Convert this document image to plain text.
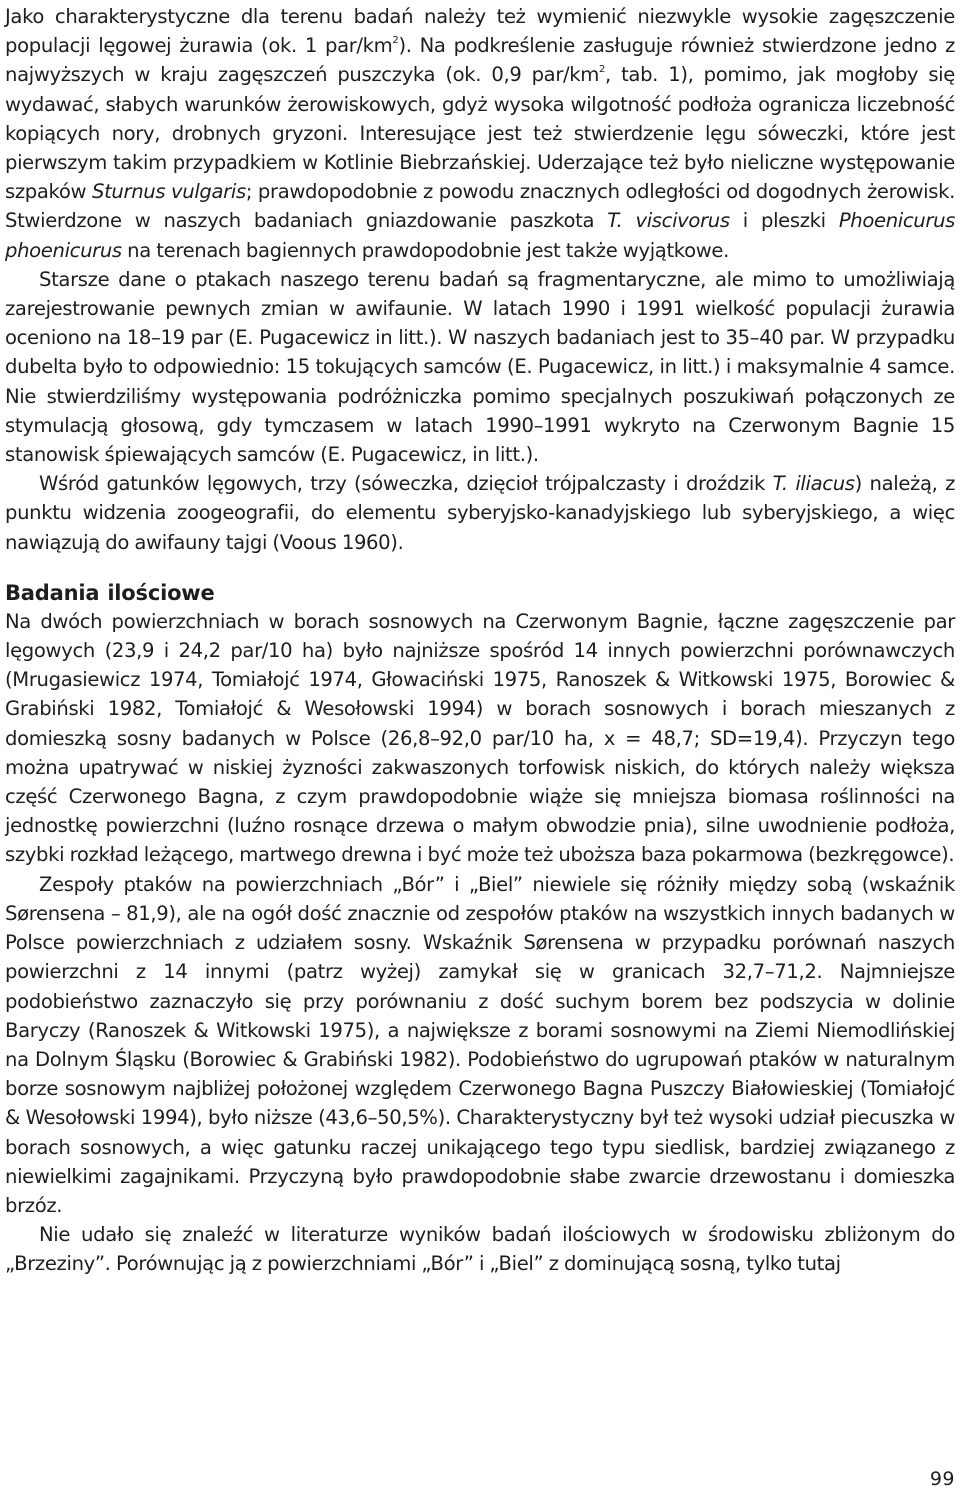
Jako charakterystyczne dla terenu badań należy też wymienić niezwykle wysokie zagęszczenie populacji lęgowej żurawia (ok. 1 par/$km^2$). Na podkreślenie zasługuje również stwierdzone jedno z najwyższych w kraju zagęszczeń puszczyka (ok. 0,9 par/$km^2$, tab. 1), pomimo, jak mogłoby się wydawać, słabych warunków żerowiskowych, gdyż wysoka wilgotność podłoża ogranicza liczebność kopiących nory, drobnych gryzoni. Interesujące jest też stwierdzenie lęgu sóweczki, które jest pierwszym takim przypadkiem w Kotlinie Biebrzańskiej. Uderzające też było nieliczne występowanie szpaków Sturnus vulgaris; prawdopodobnie z powodu znacznych odległości od dogodnych żerowisk. Stwierdzone w naszych badaniach gniazdowanie paszkota T. viscivorus i pleszki Phoenicurus phoenicurus na terenach bagiennych prawdopodobnie jest także wyjątkowe.

Starsze dane o ptakach naszego terenu badań są fragmentaryczne, ale mimo to umożliwiają zarejestrowanie pewnych zmian w awifaunie. W latach 1990 i 1991 wielkość populacji żurawia oceniono na 18–19 par (E. Pugacewicz in litt.). W naszych badaniach jest to 35–40 par. W przypadku dubelta było to odpowiednio: 15 tokujących samców (E. Pugacewicz, in litt.) i maksymalnie 4 samce. Nie stwierdziliśmy występowania podróżniczka pomimo specjalnych poszukiwań połączonych ze stymulacją głosową, gdy tymczasem w latach 1990–1991 wykryto na Czerwonym Bagnie 15 stanowisk śpiewających samców (E. Pugacewicz, in litt.).

Wśród gatunków lęgowych, trzy (sóweczka, dzięcioł trójpalczasty i droździk T. iliacus) należą, z punktu widzenia zoogeografii, do elementu syberyjsko-kanadyjskiego lub syberyjskiego, a więc nawiązują do awifauny tajgi (Voous 1960).

Badania ilościowe

Na dwóch powierzchniach w borach sosnowych na Czerwonym Bagnie, łączne zagęszczenie par lęgowych (23,9 i 24,2 par/10 ha) było najniższe spośród 14 innych powierzchni porównawczych (Mrugasiewicz 1974, Tomiałojć 1974, Głowaciński 1975, Ranoszek & Witkowski 1975, Borowiec & Grabiński 1982, Tomiałojć & Wesołowski 1994) w borach sosnowych i borach mieszanych z domieszką sosny badanych w Polsce (26,8–92,0 par/10 ha, x = 48,7; SD=19,4). Przyczyn tego można upatrywać w niskiej żyzności zakwaszonych torfowisk niskich, do których należy większa część Czerwonego Bagna, z czym prawdopodobnie wiąże się mniejsza biomasa roślinności na jednostkę powierzchni (luźno rosnące drzewa o małym obwodzie pnia), silne uwodnienie podłoża, szybki rozkład leżącego, martwego drewna i być może też uboższa baza pokarmowa (bezkręgowce).

Zespoły ptaków na powierzchniach „Bór” i „Biel” niewiele się różniły między sobą (wskaźnik Sørensena – 81,9), ale na ogół dość znacznie od zespołów ptaków na wszystkich innych badanych w Polsce powierzchniach z udziałem sosny. Wskaźnik Sørensena w przypadku porównań naszych powierzchni z 14 innymi (patrz wyżej) zamykał się w granicach 32,7–71,2. Najmniejsze podobieństwo zaznaczyło się przy porównaniu z dość suchym borem bez podszycia w dolinie Baryczy (Ranoszek & Witkowski 1975), a największe z borami sosnowymi na Ziemi Niemodlińskiej na Dolnym Śląsku (Borowiec & Grabiński 1982). Podobieństwo do ugrupowań ptaków w naturalnym borze sosnowym najbliżej położonej względem Czerwonego Bagna Puszczy Białowieskiej (Tomiałojć & Wesołowski 1994), było niższe (43,6–50,5%). Charakterystyczny był też wysoki udział piecuszka w borach sosnowych, a więc gatunku raczej unikającego tego typu siedlisk, bardziej związanego z niewielkimi zagajnikami. Przyczyną było prawdopodobnie słabe zwarcie drzewostanu i domieszka brzóz.

Nie udało się znaleźć w literaturze wyników badań ilościowych w środowisku zbliżonym do „Brzeziny”. Porównując ją z powierzchniami „Bór” i „Biel” z dominującą sosną, tylko tutaj

99
